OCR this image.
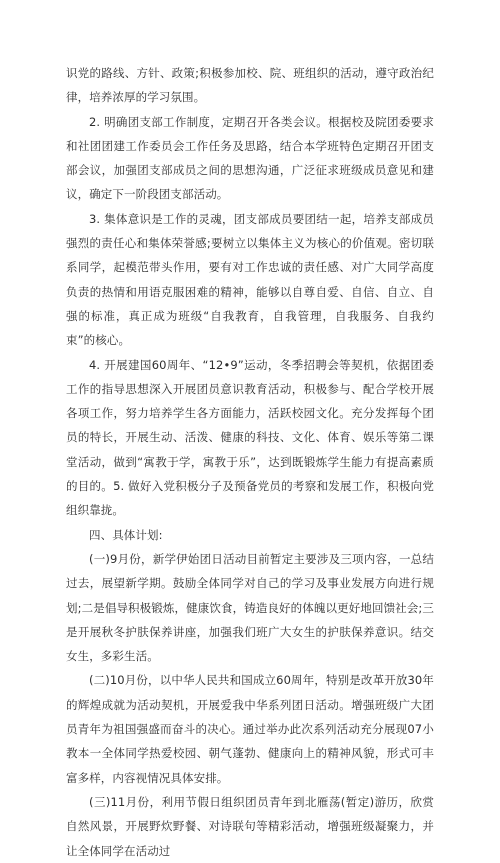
识党的路线、方针、政策;积极参加校、院、班组织的活动，遵守政治纪律，培养浓厚的学习氛围。

2. 明确团支部工作制度，定期召开各类会议。根据校及院团委要求和社团团建工作委员会工作任务及思路，结合本学班特色定期召开团支部会议，加强团支部成员之间的思想沟通，广泛征求班级成员意见和建议，确定下一阶段团支部活动。

3. 集体意识是工作的灵魂，团支部成员要团结一起，培养支部成员强烈的责任心和集体荣誉感;要树立以集体主义为核心的价值观。密切联系同学，起模范带头作用，要有对工作忠诚的责任感、对广大同学高度负责的热情和用语克服困难的精神，能够以自尊自爱、自信、自立、自强的标准，真正成为班级“自我教育，自我管理，自我服务、自我约束”的核心。

4. 开展建国60周年、“12•9”运动，冬季招聘会等契机，依据团委工作的指导思想深入开展团员意识教育活动，积极参与、配合学校开展各项工作，努力培养学生各方面能力，活跃校园文化。充分发挥每个团员的特长，开展生动、活泼、健康的科技、文化、体育、娱乐等第二课堂活动，做到“寓教于学，寓教于乐”，达到既锻炼学生能力有提高素质的目的。5. 做好入党积极分子及预备党员的考察和发展工作，积极向党组织靠拢。

四、具体计划:

(一)9月份，新学伊始团日活动目前暂定主要涉及三项内容，一总结过去，展望新学期。鼓励全体同学对自己的学习及事业发展方向进行规划;二是倡导积极锻炼，健康饮食，铸造良好的体魄以更好地回馈社会;三是开展秋冬护肤保养讲座，加强我们班广大女生的护肤保养意识。结交女生，多彩生活。

(二)10月份，以中华人民共和国成立60周年，特别是改革开放30年的辉煌成就为活动契机，开展爱我中华系列团日活动。增强班级广大团员青年为祖国强盛而奋斗的决心。通过举办此次系列活动充分展现07小教本一全体同学热爱校园、朝气蓬勃、健康向上的精神风貌，形式可丰富多样，内容视情况具体安排。

(三)11月份，利用节假日组织团员青年到北雁荡(暂定)游历，欣赏自然风景，开展野炊野餐、对诗联句等精彩活动，增强班级凝聚力，并让全体同学在活动过
